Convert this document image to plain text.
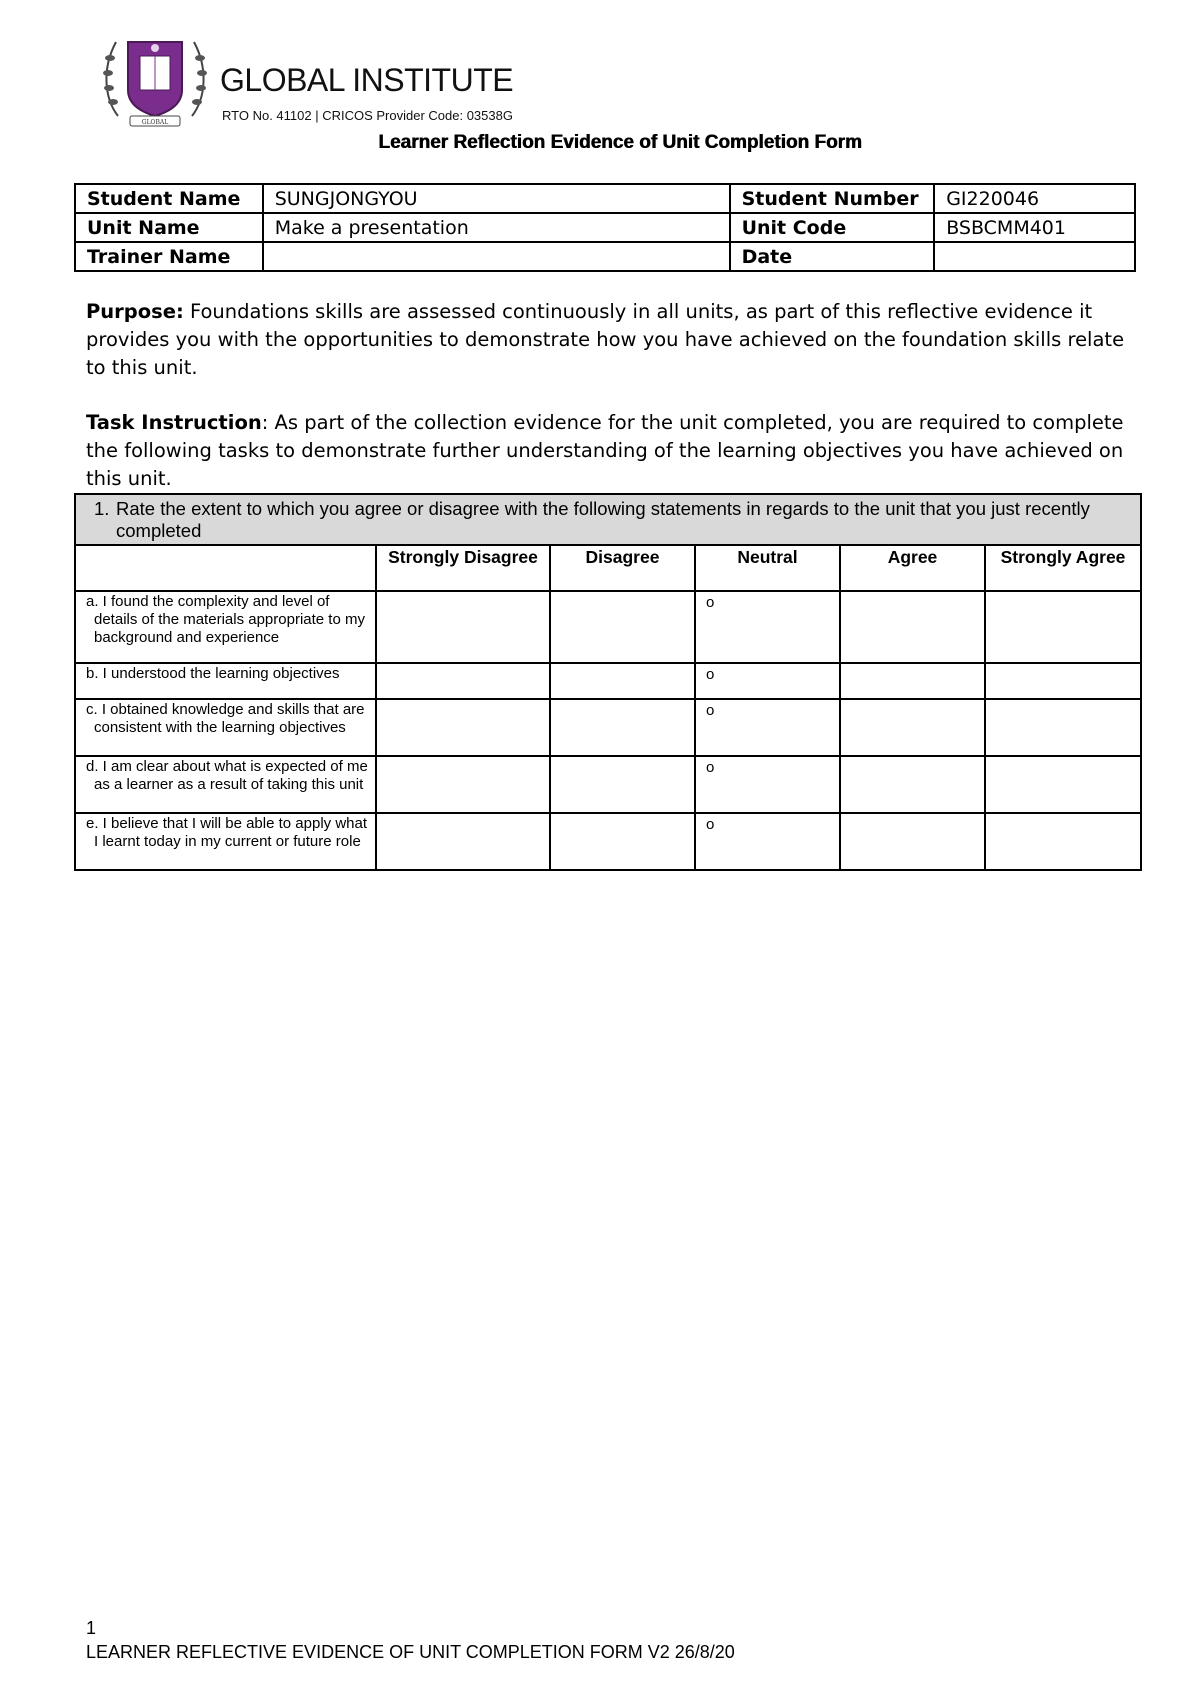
GLOBAL
GLOBAL INSTITUTE
RTO No. 41102 | CRICOS Provider Code: 03538G
Learner Reflection Evidence of Unit Completion Form
Student Name	SUNGJONGYOU	Student Number	GI220046
Unit Name	Make a presentation	Unit Code	BSBCMM401
Trainer Name		Date	
Purpose: Foundations skills are assessed continuously in all units, as part of this reflective evidence it provides you with the opportunities to demonstrate how you have achieved on the foundation skills relate to this unit.
Task Instruction: As part of the collection evidence for the unit completed, you are required to complete the following tasks to demonstrate further understanding of the learning objectives you have achieved on this unit.
1. Rate the extent to which you agree or disagree with the following statements in regards to the unit that you just recently completed					

	Strongly Disagree	Disagree	Neutral	Agree	Strongly Agree

a. I found the complexity and level of details of the materials appropriate to my background and experience			o		

b. I understood the learning objectives			o		

c. I obtained knowledge and skills that are consistent with the learning objectives			o		

d. I am clear about what is expected of me as a learner as a result of taking this unit			o		

e. I believe that I will be able to apply what I learnt today in my current or future role			o		

1
LEARNER REFLECTIVE EVIDENCE OF UNIT COMPLETION FORM V2 26/8/20
